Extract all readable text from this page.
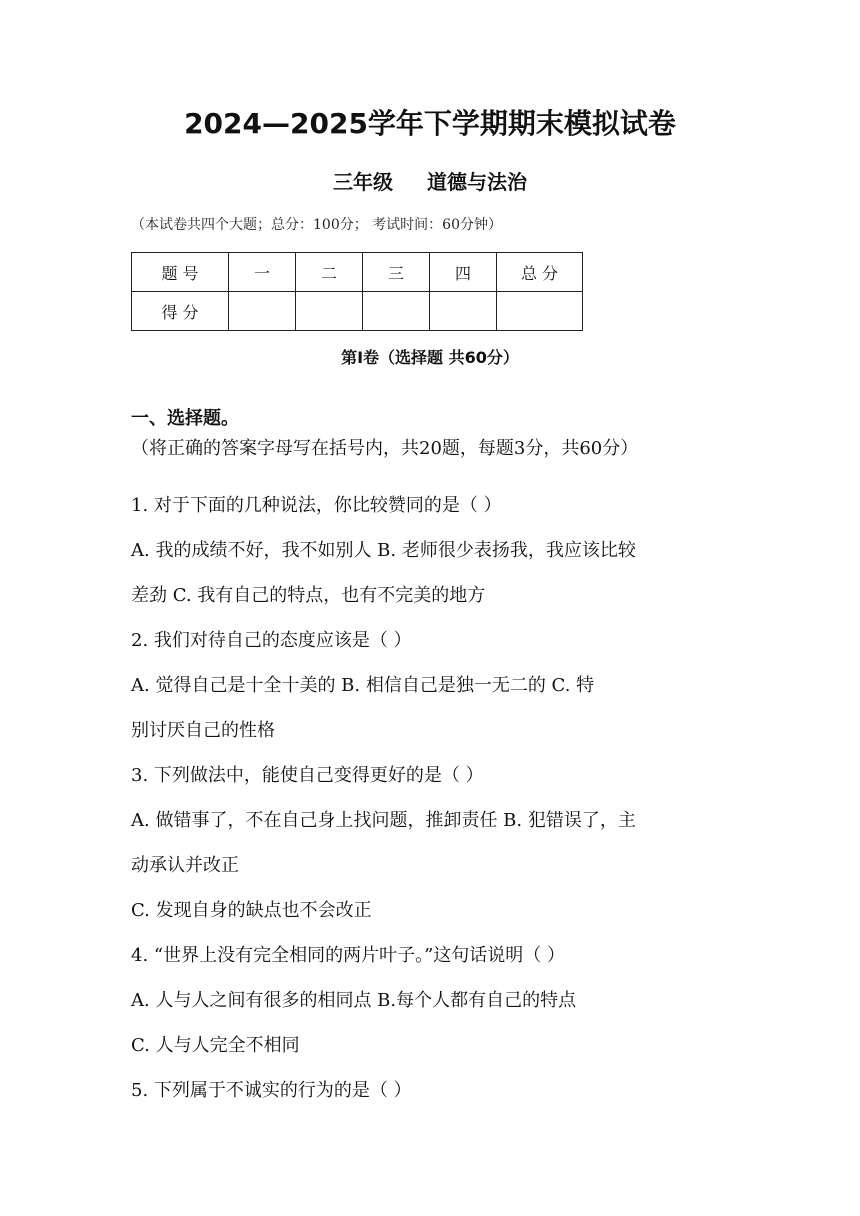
2024—2025学年下学期期末模拟试卷
三年级 道德与法治
（本试卷共四个大题；总分：100分； 考试时间：60分钟）
题 号	一	二	三	四	总 分
得 分					
第Ⅰ卷（选择题 共60分）
一、选择题。（将正确的答案字母写在括号内，共20题，每题3分，共60分）
1. 对于下面的几种说法，你比较赞同的是（ ）
A. 我的成绩不好，我不如别人 B. 老师很少表扬我，我应该比较
差劲 C. 我有自己的特点，也有不完美的地方
2. 我们对待自己的态度应该是（ ）
A. 觉得自己是十全十美的 B. 相信自己是独一无二的 C. 特
别讨厌自己的性格
3. 下列做法中，能使自己变得更好的是（ ）
A. 做错事了，不在自己身上找问题，推卸责任 B. 犯错误了，主
动承认并改正
C. 发现自身的缺点也不会改正
4. “世界上没有完全相同的两片叶子。”这句话说明（ ）
A. 人与人之间有很多的相同点 B.每个人都有自己的特点
C. 人与人完全不相同
5. 下列属于不诚实的行为的是（ ）
